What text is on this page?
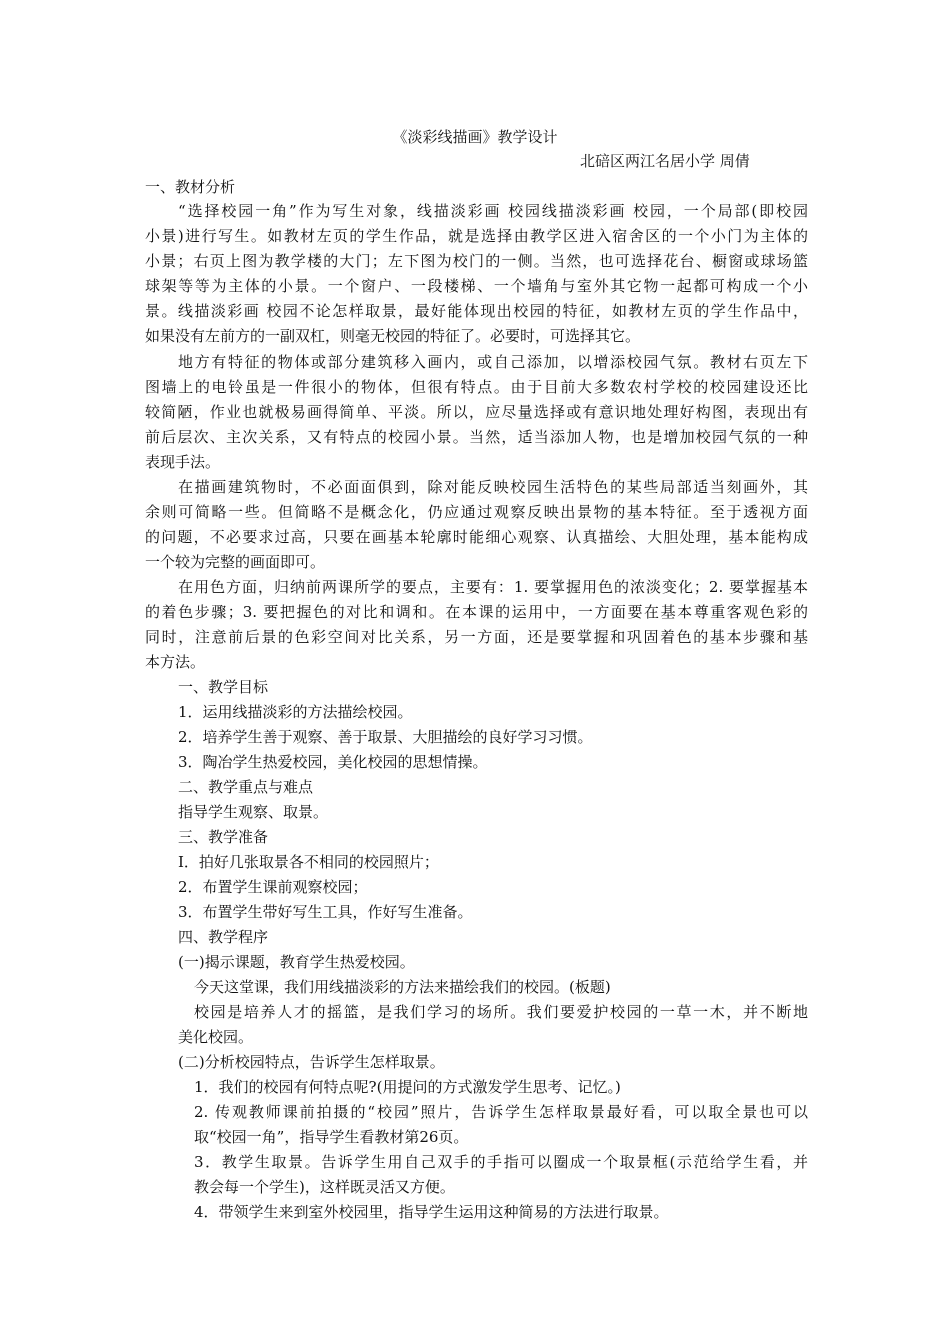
《淡彩线描画》教学设计
北碚区两江名居小学 周倩
一、教材分析
“选择校园一角”作为写生对象，线描淡彩画 校园线描淡彩画 校园，一个局部(即校园
小景)进行写生。如教材左页的学生作品，就是选择由教学区进入宿舍区的一个小门为主体的
小景；右页上图为教学楼的大门；左下图为校门的一侧。当然，也可选择花台、橱窗或球场篮
球架等等为主体的小景。一个窗户、一段楼梯、一个墙角与室外其它物一起都可构成一个小
景。线描淡彩画 校园不论怎样取景，最好能体现出校园的特征，如教材左页的学生作品中，
如果没有左前方的一副双杠，则毫无校园的特征了。必要时，可选择其它。
地方有特征的物体或部分建筑移入画内，或自己添加，以增添校园气氛。教材右页左下
图墙上的电铃虽是一件很小的物体，但很有特点。由于目前大多数农村学校的校园建设还比
较简陋，作业也就极易画得简单、平淡。所以，应尽量选择或有意识地处理好构图，表现出有
前后层次、主次关系，又有特点的校园小景。当然，适当添加人物，也是增加校园气氛的一种
表现手法。
在描画建筑物时，不必面面俱到，除对能反映校园生活特色的某些局部适当刻画外，其
余则可简略一些。但简略不是概念化，仍应通过观察反映出景物的基本特征。至于透视方面
的问题，不必要求过高，只要在画基本轮廓时能细心观察、认真描绘、大胆处理，基本能构成
一个较为完整的画面即可。
在用色方面，归纳前两课所学的要点，主要有：1. 要掌握用色的浓淡变化；2. 要掌握基本
的着色步骤；3. 要把握色的对比和调和。在本课的运用中，一方面要在基本尊重客观色彩的
同时，注意前后景的色彩空间对比关系，另一方面，还是要掌握和巩固着色的基本步骤和基
本方法。
一、教学目标
1．运用线描淡彩的方法描绘校园。
2．培养学生善于观察、善于取景、大胆描绘的良好学习习惯。
3．陶冶学生热爱校园，美化校园的思想情操。
二、教学重点与难点
指导学生观察、取景。
三、教学准备
I．拍好几张取景各不相同的校园照片；
2．布置学生课前观察校园；
3．布置学生带好写生工具，作好写生准备。
四、教学程序
(一)揭示课题，教育学生热爱校园。
今天这堂课，我们用线描淡彩的方法来描绘我们的校园。(板题)
校园是培养人才的摇篮，是我们学习的场所。我们要爱护校园的一草一木，并不断地
美化校园。
(二)分析校园特点，告诉学生怎样取景。
1．我们的校园有何特点呢?(用提问的方式激发学生思考、记忆。)
2. 传观教师课前拍摄的“校园”照片，告诉学生怎样取景最好看，可以取全景也可以
取“校园一角”，指导学生看教材第26页。
3．教学生取景。告诉学生用自己双手的手指可以圈成一个取景框(示范给学生看，并
教会每一个学生)，这样既灵活又方便。
4．带领学生来到室外校园里，指导学生运用这种简易的方法进行取景。
